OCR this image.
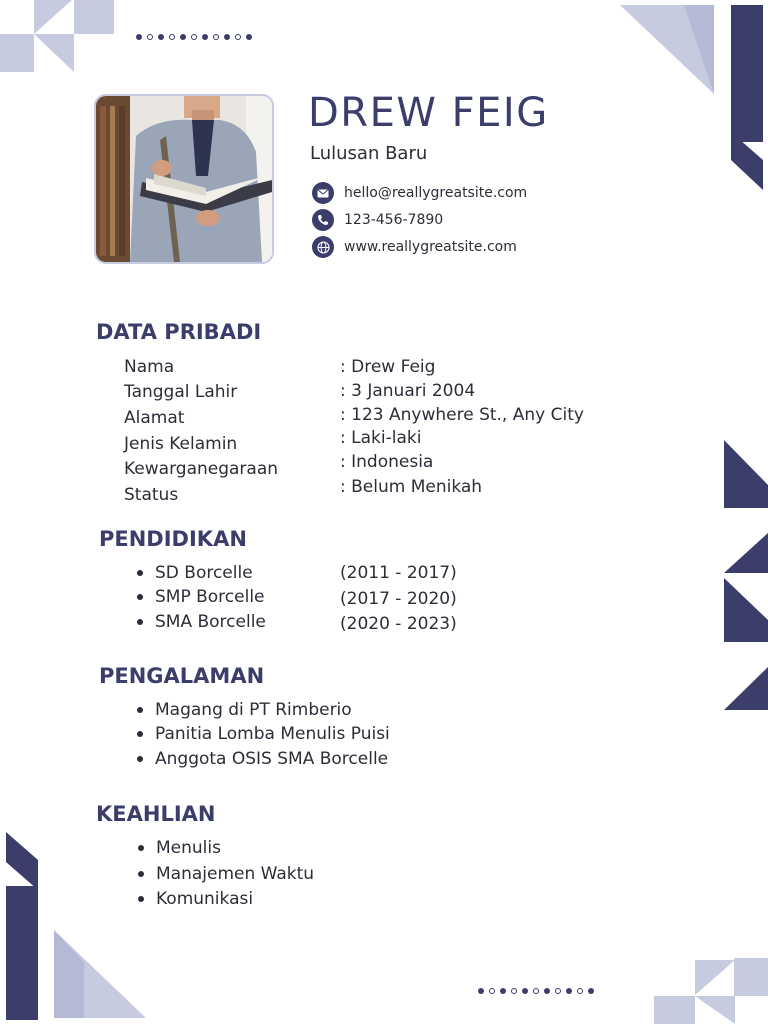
DREW FEIG
Lulusan Baru
hello@reallygreatsite.com
123-456-7890
www.reallygreatsite.com
DATA PRIBADI
Nama
Tanggal Lahir
Alamat
Jenis Kelamin
Kewarganegaraan
Status
: Drew Feig
: 3 Januari 2004
: 123 Anywhere St., Any City
: Laki-laki
: Indonesia
: Belum Menikah
PENDIDIKAN
SD Borcelle
SMP Borcelle
SMA Borcelle
(2011 - 2017)
(2017 - 2020)
(2020 - 2023)
PENGALAMAN
Magang di PT Rimberio
Panitia Lomba Menulis Puisi
Anggota OSIS SMA Borcelle
KEAHLIAN
Menulis
Manajemen Waktu
Komunikasi
